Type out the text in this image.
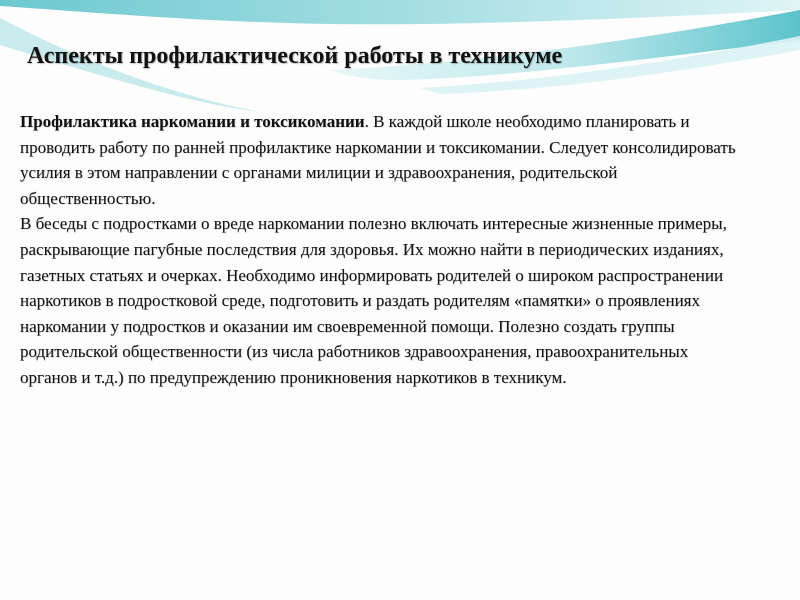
Аспекты профилактической работы в техникуме

Профилактика наркомании и токсикомании. В каждой школе необходимо планировать и проводить работу по ранней профилактике наркомании и токсикомании. Следует консолидировать усилия в этом направлении с органами милиции и здравоохранения, родительской общественностью.

В беседы с подростками о вреде наркомании полезно включать интересные жизненные примеры, раскрывающие пагубные последствия для здоровья. Их можно найти в периодических изданиях, газетных статьях и очерках. Необходимо информировать родителей о широком распространении наркотиков в подростковой среде, подготовить и раздать родителям «памятки» о проявлениях наркомании у подростков и оказании им своевременной помощи. Полезно создать группы родительской общественности (из числа работников здравоохранения, правоохранительных органов и т.д.) по предупреждению проникновения наркотиков в техникум.
